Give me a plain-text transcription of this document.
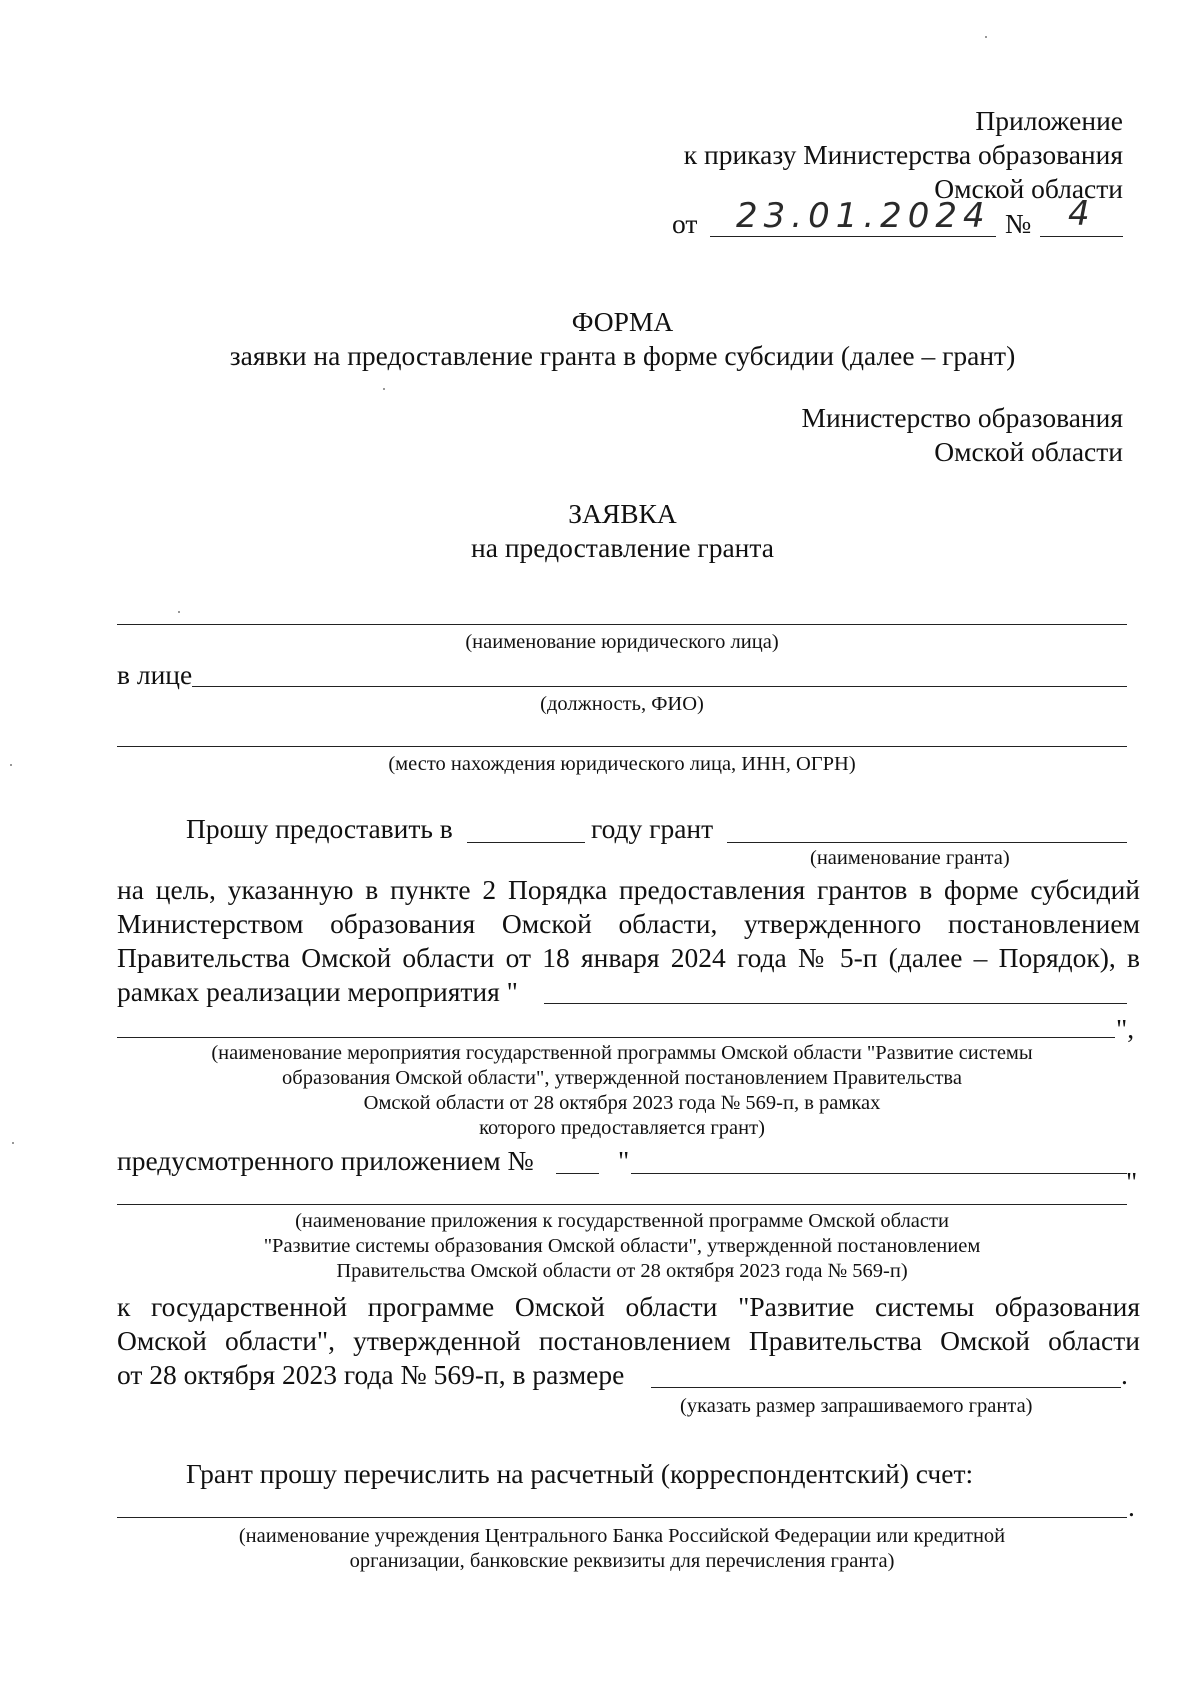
Приложение
к приказу Министерства образования
Омской области
от 23.01.2024 № 4
ФОРМА
заявки на предоставление гранта в форме субсидии (далее – грант)
Министерство образования
Омской области
ЗАЯВКА
на предоставление гранта
(наименование юридического лица)
в лице
(должность, ФИО)
(место нахождения юридического лица, ИНН, ОГРН)
Прошу предоставить в	году грант
(наименование гранта)
на цель, указанную в пункте 2 Порядка предоставления грантов в форме субсидий
Министерством образования Омской области, утвержденного постановлением
Правительства Омской области от 18 января 2024 года № 5-п (далее – Порядок), в
рамках реализации мероприятия "
",
(наименование мероприятия государственной программы Омской области "Развитие системы
образования Омской области", утвержденной постановлением Правительства
Омской области от 28 октября 2023 года № 569-п, в рамках
которого предоставляется грант)
предусмотренного приложением №	"
"
(наименование приложения к государственной программе Омской области
"Развитие системы образования Омской области", утвержденной постановлением
Правительства Омской области от 28 октября 2023 года № 569-п)
к государственной программе Омской области "Развитие системы образования
Омской области", утвержденной постановлением Правительства Омской области
от 28 октября 2023 года № 569-п, в размере	.
(указать размер запрашиваемого гранта)
Грант прошу перечислить на расчетный (корреспондентский) счет:
.
(наименование учреждения Центрального Банка Российской Федерации или кредитной
организации, банковские реквизиты для перечисления гранта)
